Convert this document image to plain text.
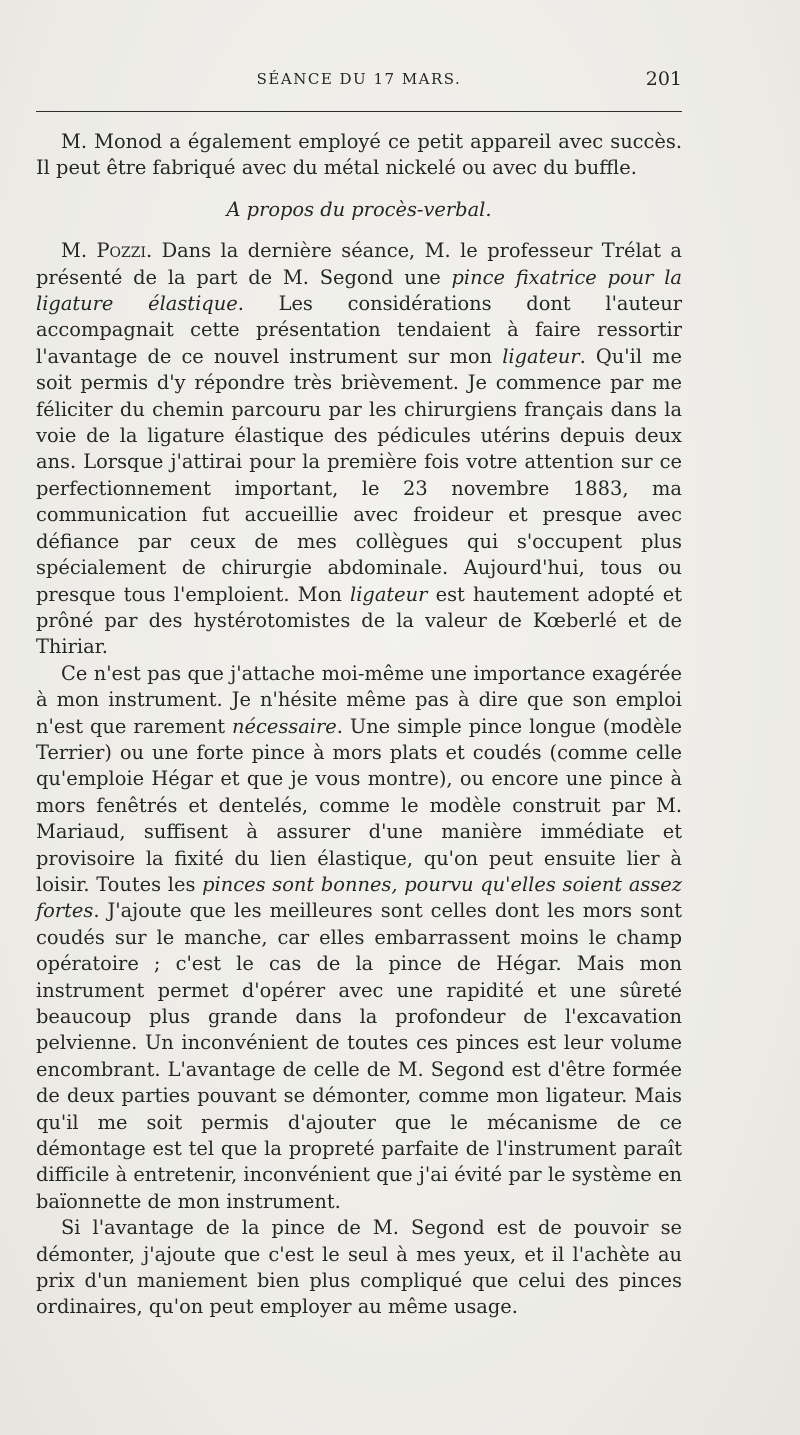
SÉANCE DU 17 MARS.	201

M. Monod a également employé ce petit appareil avec succès. Il peut être fabriqué avec du métal nickelé ou avec du buffle.

A propos du procès-verbal.

M. Pozzi. Dans la dernière séance, M. le professeur Trélat a présenté de la part de M. Segond une pince fixatrice pour la ligature élastique. Les considérations dont l'auteur accompagnait cette présentation tendaient à faire ressortir l'avantage de ce nouvel instrument sur mon ligateur. Qu'il me soit permis d'y répondre très brièvement. Je commence par me féliciter du chemin parcouru par les chirurgiens français dans la voie de la ligature élastique des pédicules utérins depuis deux ans. Lorsque j'attirai pour la première fois votre attention sur ce perfectionnement important, le 23 novembre 1883, ma communication fut accueillie avec froideur et presque avec défiance par ceux de mes collègues qui s'occupent plus spécialement de chirurgie abdominale. Aujourd'hui, tous ou presque tous l'emploient. Mon ligateur est hautement adopté et prôné par des hystérotomistes de la valeur de Kœberlé et de Thiriar.

Ce n'est pas que j'attache moi-même une importance exagérée à mon instrument. Je n'hésite même pas à dire que son emploi n'est que rarement nécessaire. Une simple pince longue (modèle Terrier) ou une forte pince à mors plats et coudés (comme celle qu'emploie Hégar et que je vous montre), ou encore une pince à mors fenêtrés et dentelés, comme le modèle construit par M. Mariaud, suffisent à assurer d'une manière immédiate et provisoire la fixité du lien élastique, qu'on peut ensuite lier à loisir. Toutes les pinces sont bonnes, pourvu qu'elles soient assez fortes. J'ajoute que les meilleures sont celles dont les mors sont coudés sur le manche, car elles embarrassent moins le champ opératoire ; c'est le cas de la pince de Hégar. Mais mon instrument permet d'opérer avec une rapidité et une sûreté beaucoup plus grande dans la profondeur de l'excavation pelvienne. Un inconvénient de toutes ces pinces est leur volume encombrant. L'avantage de celle de M. Segond est d'être formée de deux parties pouvant se démonter, comme mon ligateur. Mais qu'il me soit permis d'ajouter que le mécanisme de ce démontage est tel que la propreté parfaite de l'instrument paraît difficile à entretenir, inconvénient que j'ai évité par le système en baïonnette de mon instrument.

Si l'avantage de la pince de M. Segond est de pouvoir se démonter, j'ajoute que c'est le seul à mes yeux, et il l'achète au prix d'un maniement bien plus compliqué que celui des pinces ordinaires, qu'on peut employer au même usage.
